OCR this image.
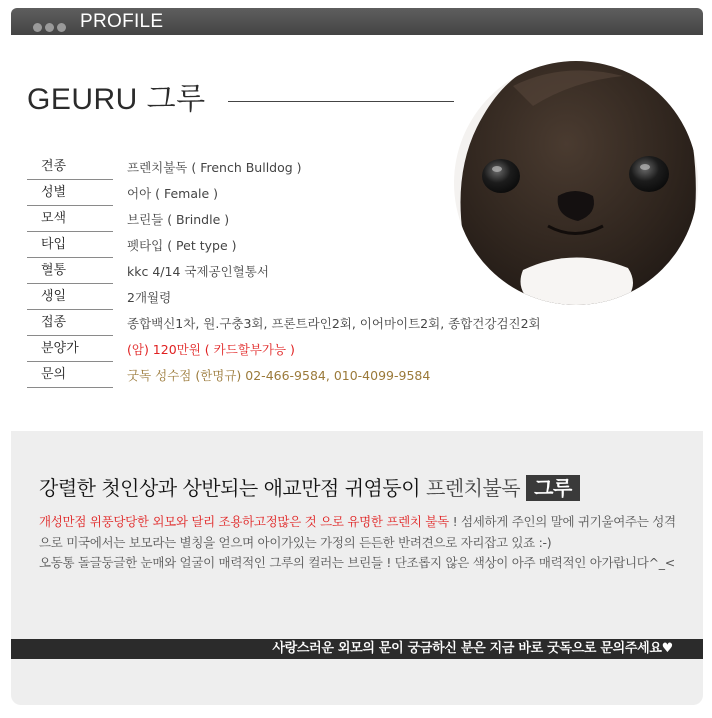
PROFILE
GEURU 그루
견종	프렌치불독 ( French Bulldog )
성별	어아 ( Female )
모색	브린들 ( Brindle )
타입	펫타입 ( Pet type )
혈통	kkc 4/14 국제공인혈통서
생일	2개월령
접종	종합백신1차, 원.구충3회, 프론트라인2회, 이어마이트2회, 종합건강검진2회
분양가	(암) 120만원 ( 카드할부가능 )
문의	굿독 성수점 (한명규) 02-466-9584, 010-4099-9584
강렬한 첫인상과 상반되는 애교만점 귀염둥이 프렌치불독 그루
개성만점 위풍당당한 외모와 달리 조용하고정많은 것 으로 유명한 프렌치 불독 ! 섬세하게 주인의 말에 귀기울여주는 성격으로 미국에서는 보모라는 별칭을 얻으며 아이가있는 가정의 든든한 반려견으로 자리잡고 있죠 :-)
오동통 돌글둥글한 눈매와 얼굴이 매력적인 그루의 컬러는 브린들 ! 단조롭지 않은 색상이 아주 매력적인 아가랍니다^_<
사랑스러운 외모의 문이 궁금하신 분은 지금 바로 굿독으로 문의주세요♥
